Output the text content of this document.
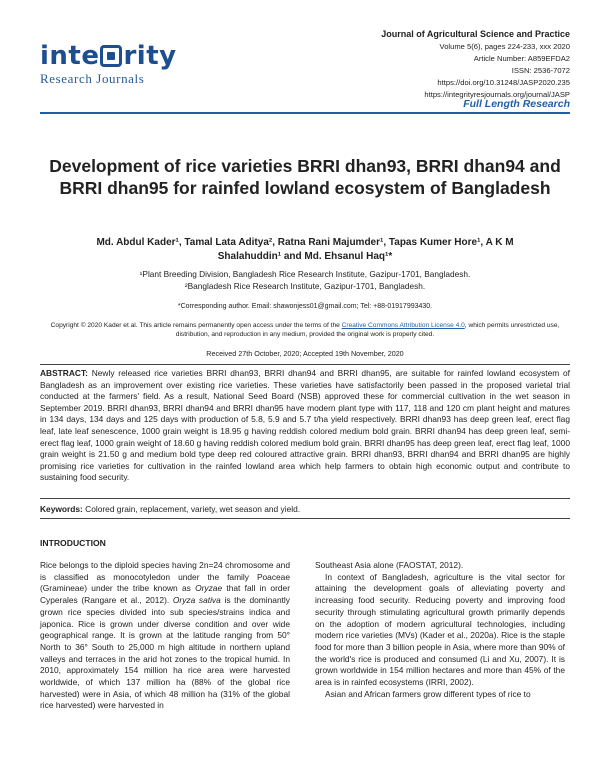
inte rity
Research Journals
Journal of Agricultural Science and Practice
Volume 5(6), pages 224-233, xxx 2020
Article Number: A859EFDA2
ISSN: 2536-7072
https://doi.org/10.31248/JASP2020.235
https://integrityresjournals.org/journal/JASP
Full Length Research
Development of rice varieties BRRI dhan93, BRRI dhan94 and BRRI dhan95 for rainfed lowland ecosystem of Bangladesh
Md. Abdul Kader¹, Tamal Lata Aditya², Ratna Rani Majumder¹, Tapas Kumer Hore¹, A K M
Shalahuddin¹ and Md. Ehsanul Haq¹*
¹Plant Breeding Division, Bangladesh Rice Research Institute, Gazipur-1701, Bangladesh.
²Bangladesh Rice Research Institute, Gazipur-1701, Bangladesh.
*Corresponding author. Email: shawonjess01@gmail.com; Tel: +88-01917993430.
Copyright © 2020 Kader et al. This article remains permanently open access under the terms of the Creative Commons Attribution License 4.0, which permits unrestricted use, distribution, and reproduction in any medium, provided the original work is properly cited.
Received 27th October, 2020; Accepted 19th November, 2020
ABSTRACT: Newly released rice varieties BRRI dhan93, BRRI dhan94 and BRRI dhan95, are suitable for rainfed lowland ecosystem of Bangladesh as an improvement over existing rice varieties. These varieties have satisfactorily been passed in the proposed varietal trial conducted at the farmers' field. As a result, National Seed Board (NSB) approved these for commercial cultivation in the wet season in September 2019. BRRI dhan93, BRRI dhan94 and BRRI dhan95 have modern plant type with 117, 118 and 120 cm plant height and matures in 134 days, 134 days and 125 days with production of 5.8, 5.9 and 5.7 t/ha yield respectively. BRRI dhan93 has deep green leaf, erect flag leaf, late leaf senescence, 1000 grain weight is 18.95 g having reddish colored medium bold grain. BRRI dhan94 has deep green leaf, semi-erect flag leaf, 1000 grain weight of 18.60 g having reddish colored medium bold grain. BRRI dhan95 has deep green leaf, erect flag leaf, 1000 grain weight is 21.50 g and medium bold type deep red coloured attractive grain. BRRI dhan93, BRRI dhan94 and BRRI dhan95 are highly promising rice varieties for cultivation in the rainfed lowland area which help farmers to obtain high economic output and contribute to sustaining food security.
Keywords: Colored grain, replacement, variety, wet season and yield.
INTRODUCTION

Rice belongs to the diploid species having 2n=24 chromosome and is classified as monocotyledon under the family Poaceae (Gramineae) under the tribe known as Oryzae that fall in order Cyperales (Rangare et al., 2012). Oryza sativa is the dominantly grown rice species divided into sub species/strains indica and japonica. Rice is grown under diverse condition and over wide geographical range. It is grown at the latitude ranging from 50° North to 36° South to 25,000 m high altitude in northern upland valleys and terraces in the arid hot zones to the tropical humid. In 2010, approximately 154 million ha rice area were harvested worldwide, of which 137 million ha (88% of the global rice harvested) were in Asia, of which 48 million ha (31% of the global rice harvested) were harvested in

Southeast Asia alone (FAOSTAT, 2012).

In context of Bangladesh, agriculture is the vital sector for attaining the development goals of alleviating poverty and increasing food security. Reducing poverty and improving food security through stimulating agricultural growth primarily depends on the adoption of modern agricultural technologies, including modern rice varieties (MVs) (Kader et al., 2020a). Rice is the staple food for more than 3 billion people in Asia, where more than 90% of the world's rice is produced and consumed (Li and Xu, 2007). It is grown worldwide in 154 million hectares and more than 45% of the area is in rainfed ecosystems (IRRI, 2002).

Asian and African farmers grow different types of rice to
